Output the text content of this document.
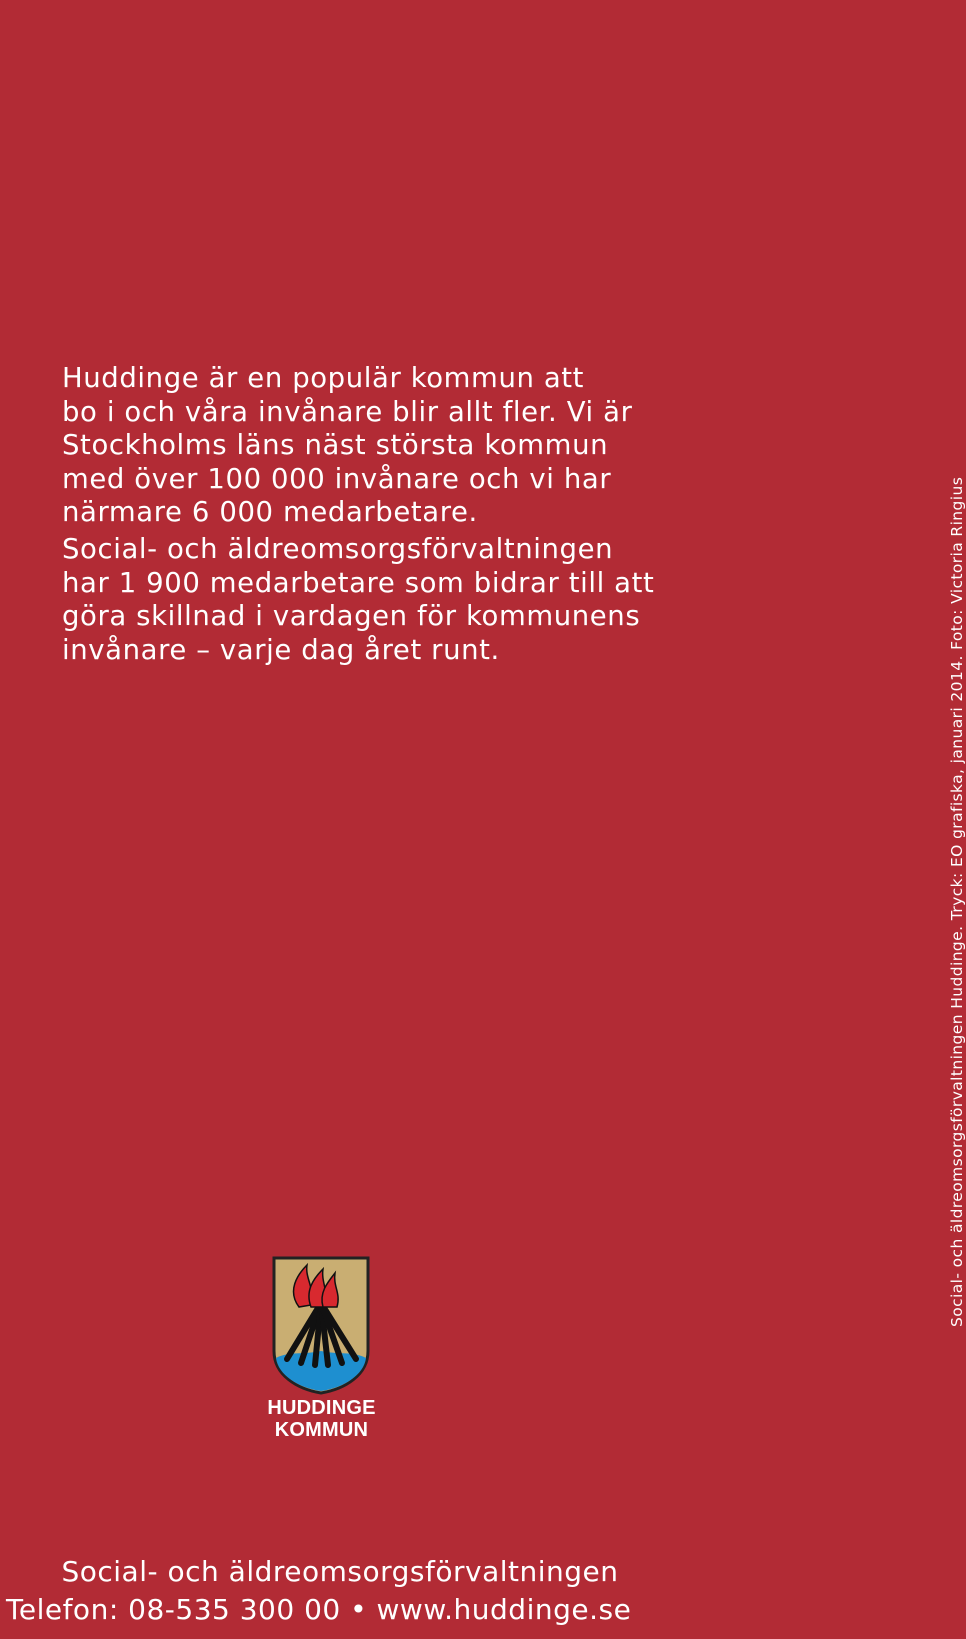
Huddinge är en populär kommun att
bo i och våra invånare blir allt fler. Vi är
Stockholms läns näst största kommun
med över 100 000 invånare och vi har
närmare 6 000 medarbetare.
Social- och äldreomsorgsförvaltningen
har 1 900 medarbetare som bidrar till att
göra skillnad i vardagen för kommunens
invånare – varje dag året runt.	Social- och äldreomsorgsförvaltningen Huddinge. Tryck: EO grafiska, januari 2014. Foto: Victoria Ringius
HUDDINGE
KOMMUN
Social- och äldreomsorgsförvaltningen
Telefon: 08-535 300 00 • www.huddinge.se
